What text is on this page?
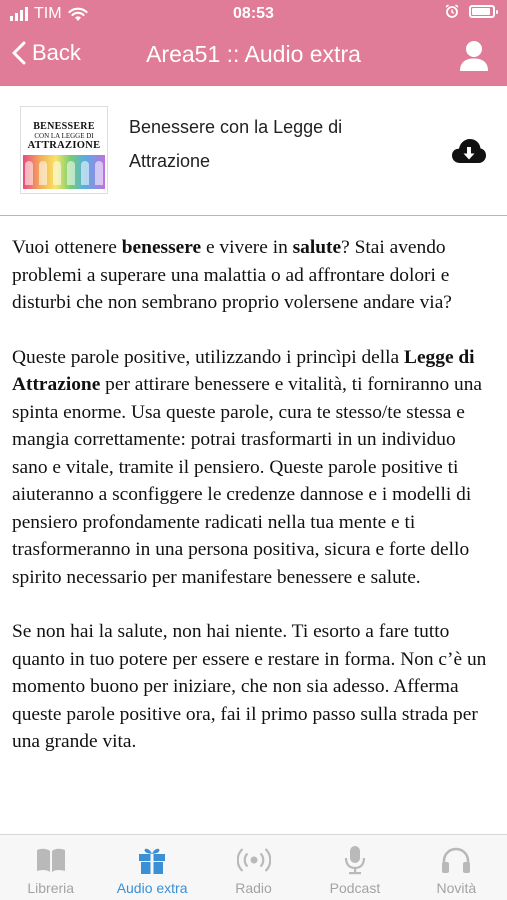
TIM	08:53
Back	Area51 :: Audio extra
BENESSERE
CON LA LEGGE DI
ATTRAZIONE
Benessere con la Legge di Attrazione

Vuoi ottenere benessere e vivere in salute? Stai avendo problemi a superare una malattia o ad affrontare dolori e disturbi che non sembrano proprio volersene andare via?

Queste parole positive, utilizzando i princìpi della Legge di Attrazione per attirare benessere e vitalità, ti forniranno una spinta enorme. Usa queste parole, cura te stesso/te stessa e mangia correttamente: potrai trasformarti in un individuo sano e vitale, tramite il pensiero. Queste parole positive ti aiuteranno a sconfiggere le credenze dannose e i modelli di pensiero profondamente radicati nella tua mente e ti trasformeranno in una persona positiva, sicura e forte dello spirito necessario per manifestare benessere e salute.

Se non hai la salute, non hai niente. Ti esorto a fare tutto quanto in tuo potere per essere e restare in forma. Non c’è un momento buono per iniziare, che non sia adesso. Afferma queste parole positive ora, fai il primo passo sulla strada per una grande vita.

Libreria	Audio extra	Radio	Podcast	Novità
